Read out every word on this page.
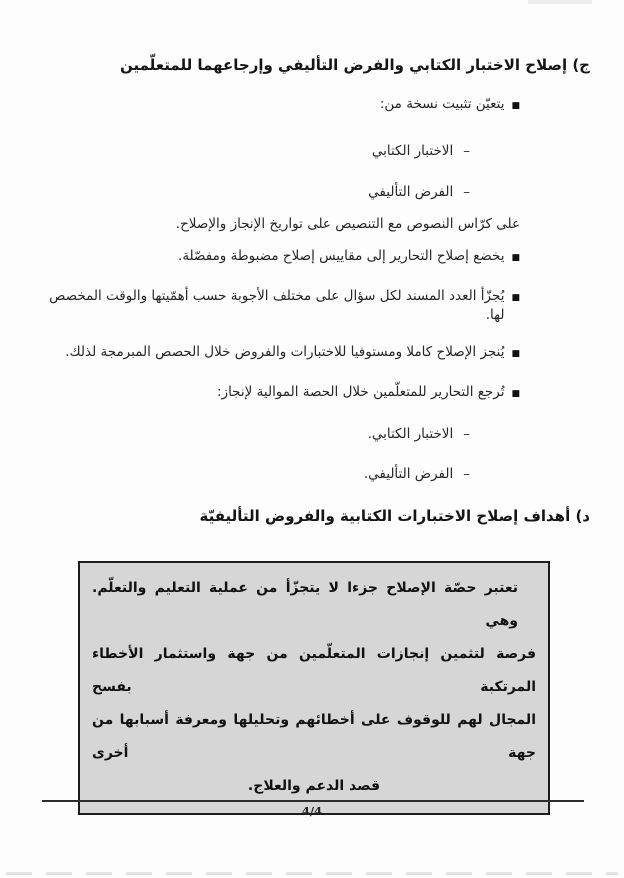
ج) إصلاح الاختبار الكتابي والفرض التأليفي وإرجاعهما للمتعلّمين
■
يتعيّن تثبيت نسخة من:
–
الاختبار الكتابي
–
الفرض التأليفي
على كرّاس النصوص مع التنصيص على تواريخ الإنجاز والإصلاح.
■
يخضع إصلاح التحارير إلى مقاييس إصلاح مضبوطة ومفصّلة.
■
يُجزّأ العدد المسند لكل سؤال على مختلف الأجوبة حسب أهمّيتها والوقت المخصص لها.
■
يُنجز الإصلاح كاملا ومستوفيا للاختبارات والفروض خلال الحصص المبرمجة لذلك.
■
تُرجع التحارير للمتعلّمين خلال الحصة الموالية لإنجاز:
–
الاختبار الكتابي.
–
الفرض التأليفي.
د) أهداف إصلاح الاختبارات الكتابية والفروض التأليفيّة
تعتبر حصّة الإصلاح جزءا لا يتجزّأ من عملية التعليم والتعلّم. وهي
فرصة لتثمين إنجازات المتعلّمين من جهة واستثمار الأخطاء المرتكبة بفسح
المجال لهم للوقوف على أخطائهم وتحليلها ومعرفة أسبابها من جهة أخرى
قصد الدعم والعلاج.
4/4
